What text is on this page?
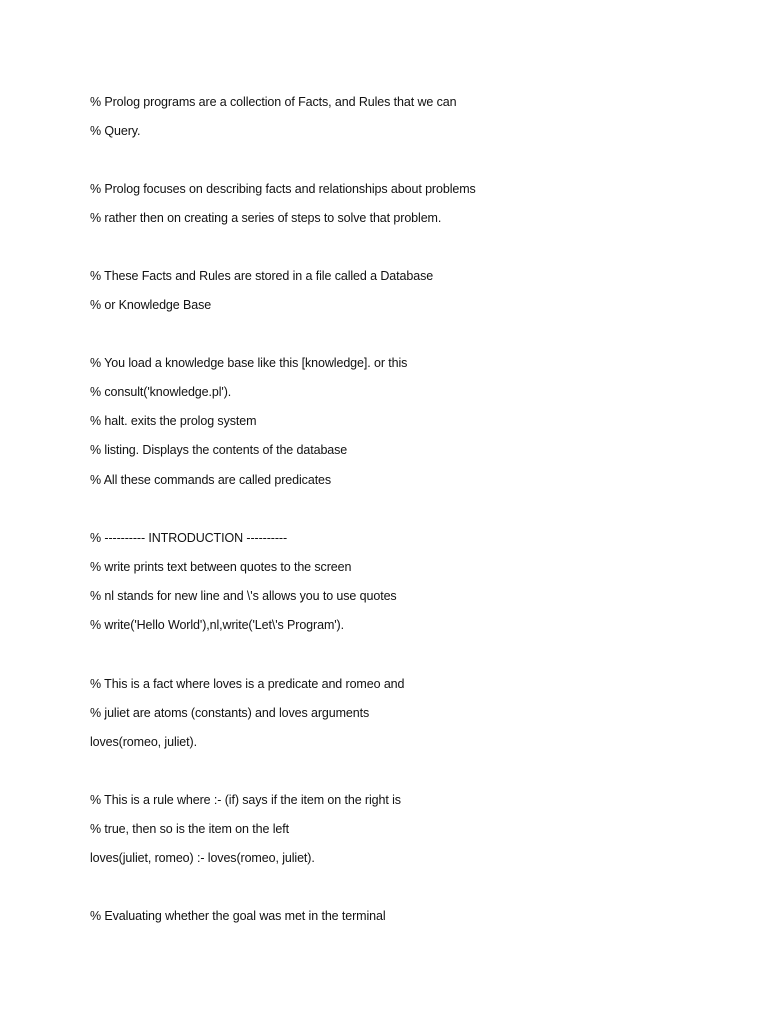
% Prolog programs are a collection of Facts, and Rules that we can

% Query.

% Prolog focuses on describing facts and relationships about problems

% rather then on creating a series of steps to solve that problem.

% These Facts and Rules are stored in a file called a Database

% or Knowledge Base

% You load a knowledge base like this [knowledge]. or this

% consult('knowledge.pl').

% halt. exits the prolog system

% listing. Displays the contents of the database

% All these commands are called predicates

% ---------- INTRODUCTION ----------

% write prints text between quotes to the screen

% nl stands for new line and \'s allows you to use quotes

% write('Hello World'),nl,write('Let\'s Program').

% This is a fact where loves is a predicate and romeo and

% juliet are atoms (constants) and loves arguments

loves(romeo, juliet).

% This is a rule where :- (if) says if the item on the right is

% true, then so is the item on the left

loves(juliet, romeo) :- loves(romeo, juliet).

% Evaluating whether the goal was met in the terminal
